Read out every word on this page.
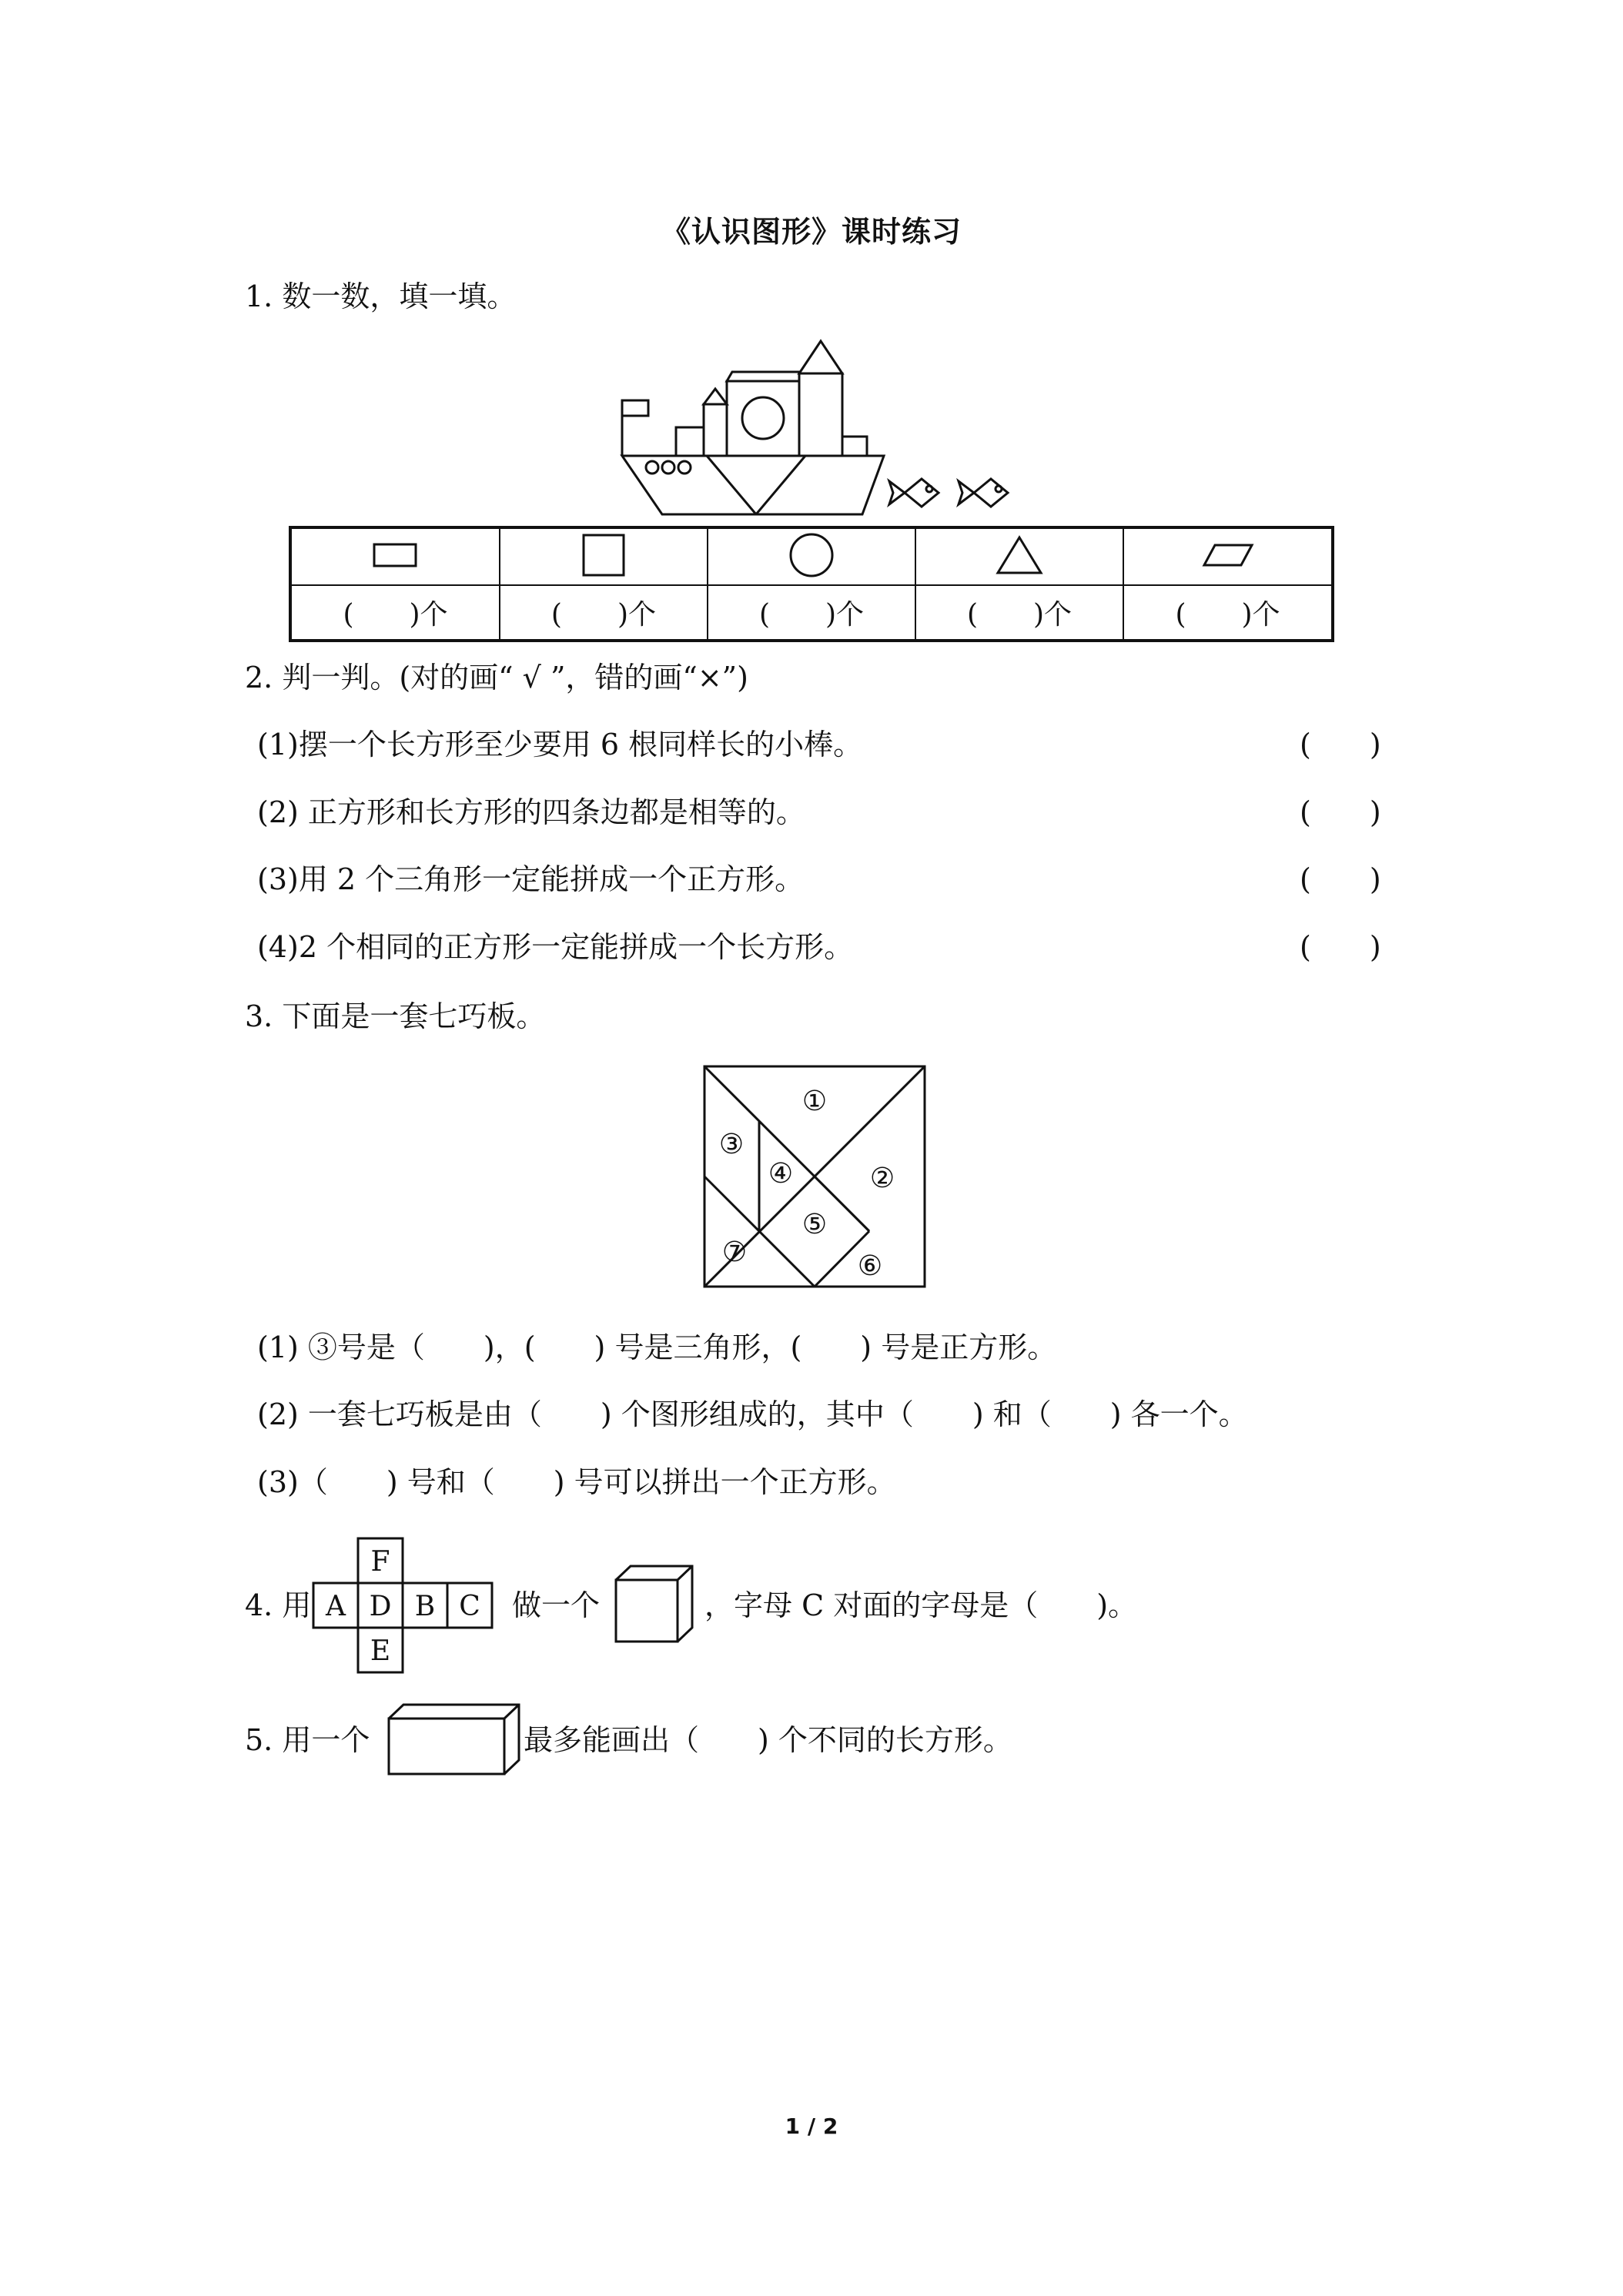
《认识图形》课时练习
1. 数一数，填一填。

(　　)个	(　　)个	(　　)个	(　　)个	(　　)个
2. 判一判。(对的画“ √ ”，错的画“×”)
(1)摆一个长方形至少要用 6 根同样长的小棒。	(　　)
(2) 正方形和长方形的四条边都是相等的。	(　　)
(3)用 2 个三角形一定能拼成一个正方形。	(　　)
(4)2 个相同的正方形一定能拼成一个长方形。	(　　)
3. 下面是一套七巧板。
①
②
③
④
⑤
⑥
⑦
(1) ③号是（　　)，(　　) 号是三角形，(　　) 号是正方形。
(2) 一套七巧板是由（　　) 个图形组成的，其中（　　) 和（　　) 各一个。
(3)（　　) 号和（　　) 号可以拼出一个正方形。
4. 用
F
A D B C
E
做一个	，字母 C 对面的字母是（　　)。
5. 用一个	最多能画出（　　) 个不同的长方形。
1 / 2
